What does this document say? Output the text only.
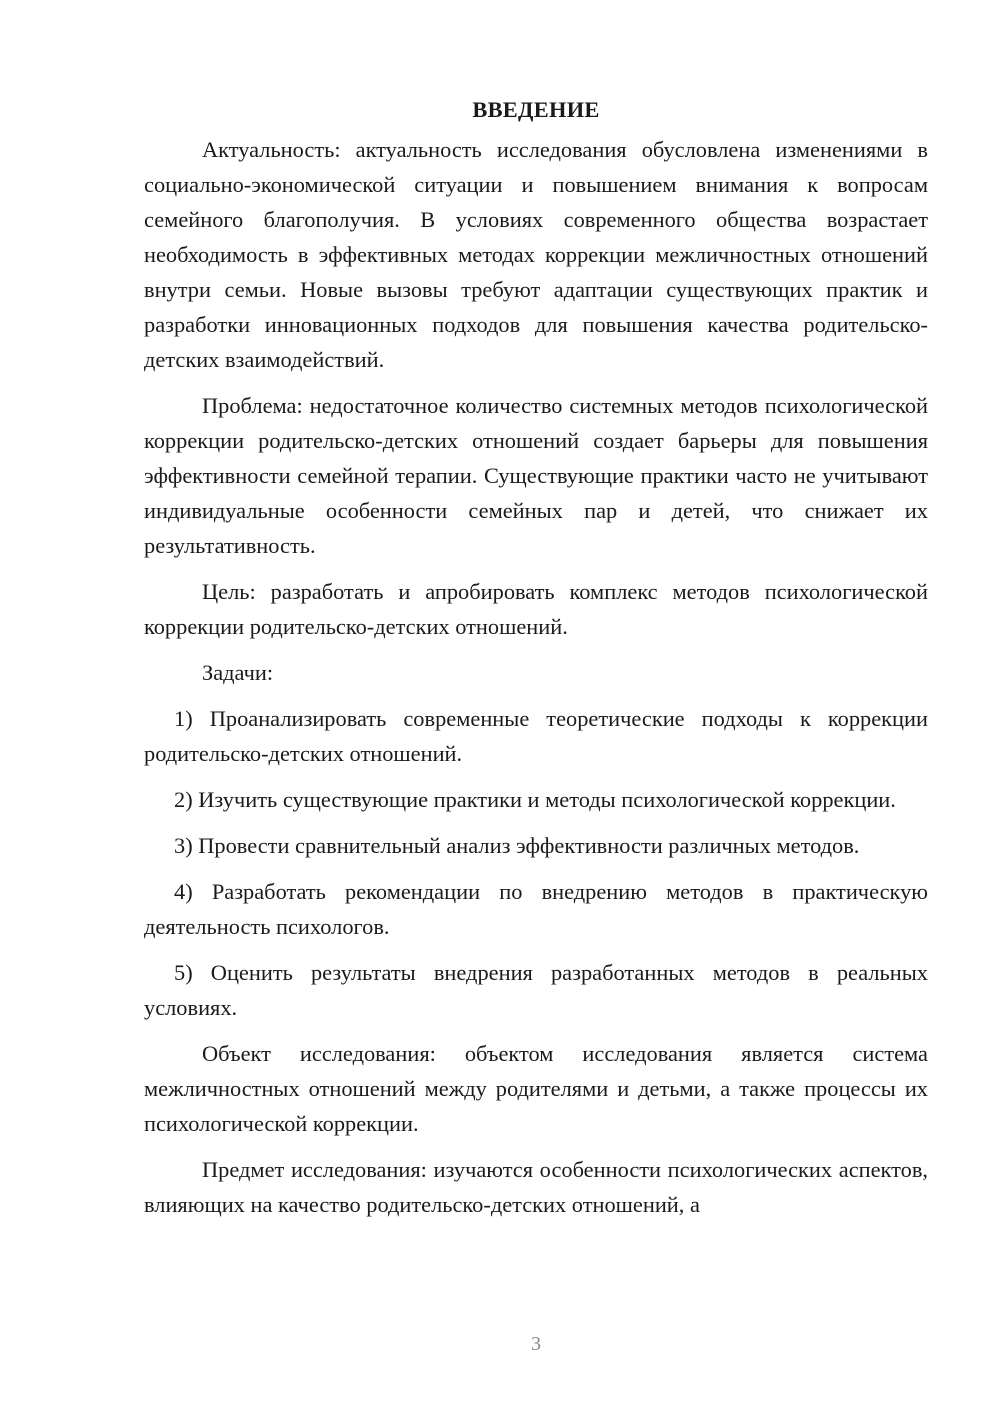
ВВЕДЕНИЕ

Актуальность: актуальность исследования обусловлена изменениями в социально-экономической ситуации и повышением внимания к вопросам семейного благополучия. В условиях современного общества возрастает необходимость в эффективных методах коррекции межличностных отношений внутри семьи. Новые вызовы требуют адаптации существующих практик и разработки инновационных подходов для повышения качества родительско-детских взаимодействий.

Проблема: недостаточное количество системных методов психологической коррекции родительско-детских отношений создает барьеры для повышения эффективности семейной терапии. Существующие практики часто не учитывают индивидуальные особенности семейных пар и детей, что снижает их результативность.

Цель: разработать и апробировать комплекс методов психологической коррекции родительско-детских отношений.

Задачи:

1) Проанализировать современные теоретические подходы к коррекции родительско-детских отношений.

2) Изучить существующие практики и методы психологической коррекции.

3) Провести сравнительный анализ эффективности различных методов.

4) Разработать рекомендации по внедрению методов в практическую деятельность психологов.

5) Оценить результаты внедрения разработанных методов в реальных условиях.

Объект исследования: объектом исследования является система межличностных отношений между родителями и детьми, а также процессы их психологической коррекции.

Предмет исследования: изучаются особенности психологических аспектов, влияющих на качество родительско-детских отношений, а

3
